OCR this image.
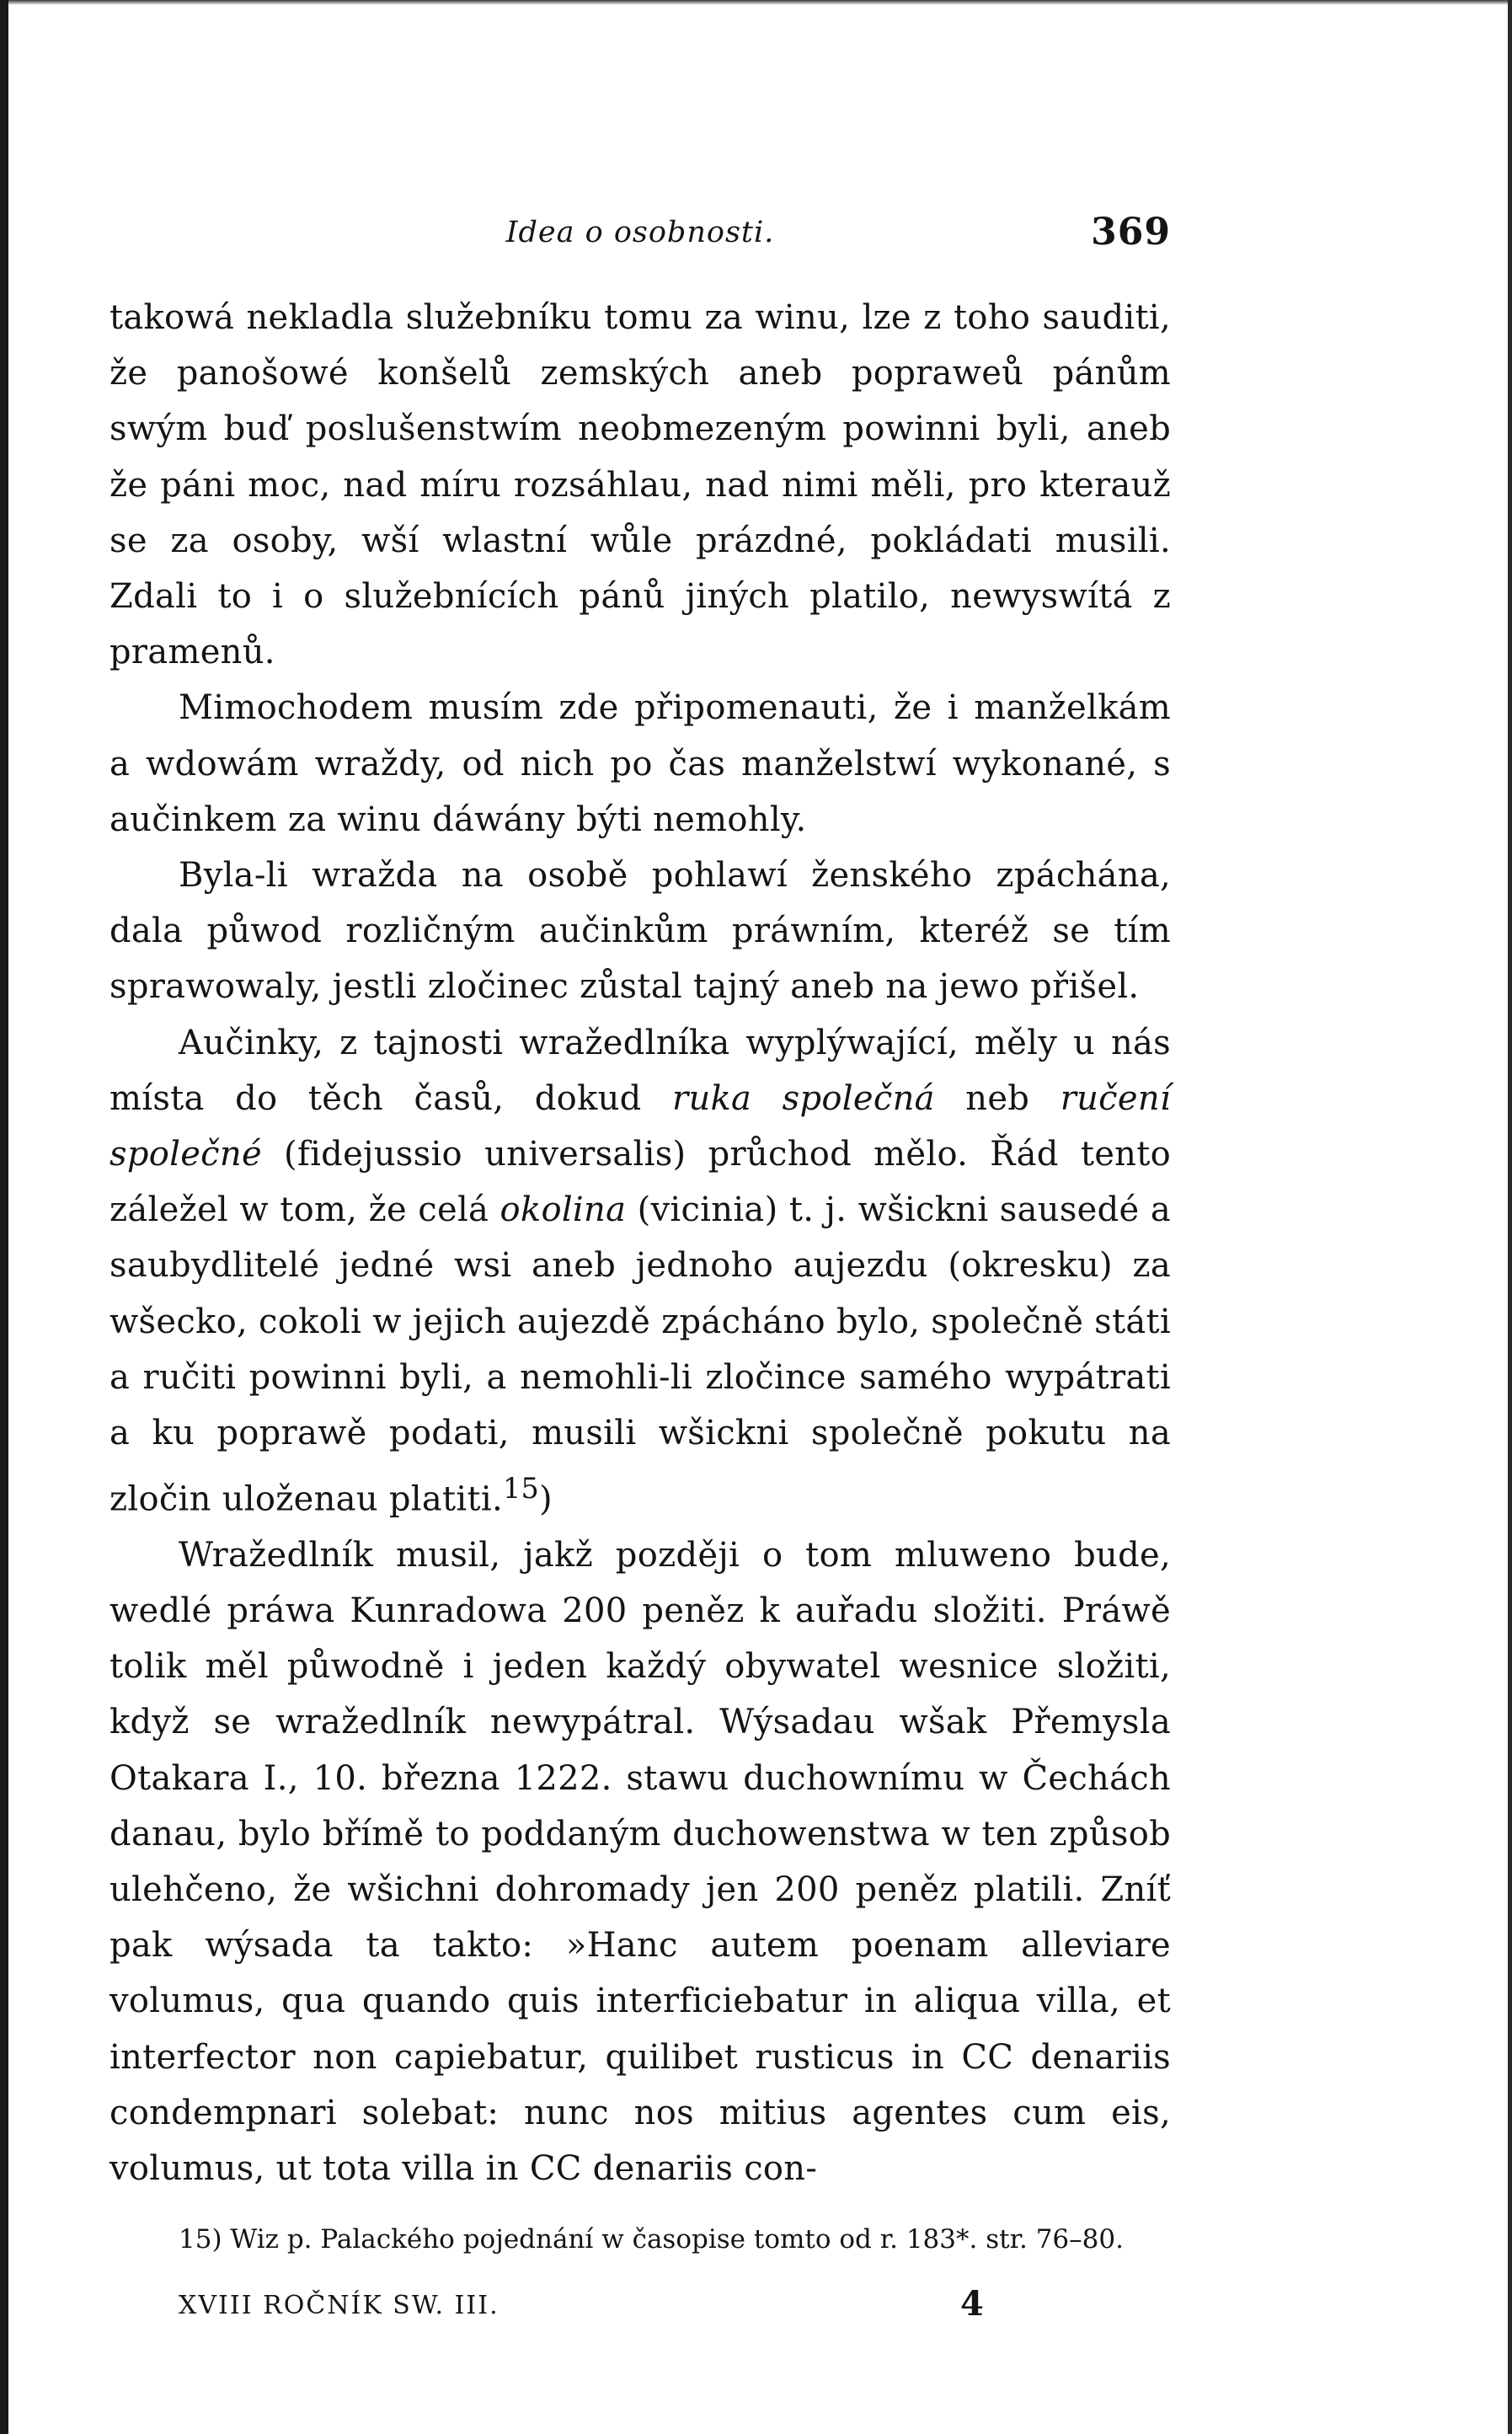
Idea o osobnosti.	369

takowá nekladla služebníku tomu za winu, lze z toho sauditi, že panošowé konšelů zemských aneb popraweů pánům swým buď poslušenstwím neobmezeným powinni byli, aneb že páni moc, nad míru rozsáhlau, nad nimi měli, pro kterauž se za osoby, wší wlastní wůle prázdné, pokládati musili. Zdali to i o služebnících pánů jiných platilo, newyswítá z pramenů.

Mimochodem musím zde připomenauti, že i manželkám a wdowám wraždy, od nich po čas manželstwí wykonané, s aučinkem za winu dáwány býti nemohly.

Byla-li wražda na osobě pohlawí ženského zpáchána, dala půwod rozličným aučinkům práwním, kteréž se tím sprawowaly, jestli zločinec zůstal tajný aneb na jewo přišel.

Aučinky, z tajnosti wražedlníka wyplýwající, měly u nás místa do těch časů, dokud ruka společná neb ručení společné (fidejussio universalis) průchod mělo. Řád tento záležel w tom, že celá okolina (vicinia) t. j. wšickni sausedé a saubydlitelé jedné wsi aneb jednoho aujezdu (okresku) za wšecko, cokoli w jejich aujezdě zpácháno bylo, společně státi a ručiti powinni byli, a nemohli-li zločince samého wypátrati a ku poprawě podati, musili wšickni společně pokutu na zločin uloženau platiti.$^{15}$)

Wražedlník musil, jakž později o tom mluweno bude, wedlé práwa Kunradowa 200 peněz k auřadu složiti. Práwě tolik měl půwodně i jeden každý obywatel wesnice složiti, když se wražedlník newypátral. Wýsadau wšak Přemysla Otakara I., 10. března 1222. stawu duchownímu w Čechách danau, bylo břímě to poddaným duchowenstwa w ten způsob ulehčeno, že wšichni dohromady jen 200 peněz platili. Zníť pak wýsada ta takto: »Hanc autem poenam alleviare volumus, qua quando quis interficiebatur in aliqua villa, et interfector non capiebatur, quilibet rusticus in CC denariis condempnari solebat: nunc nos mitius agentes cum eis, volumus, ut tota villa in CC denariis con-

15) Wiz p. Palackého pojednání w časopise tomto od r. 183*. str. 76–80.
XVIII ROČNÍK SW. III.	4
